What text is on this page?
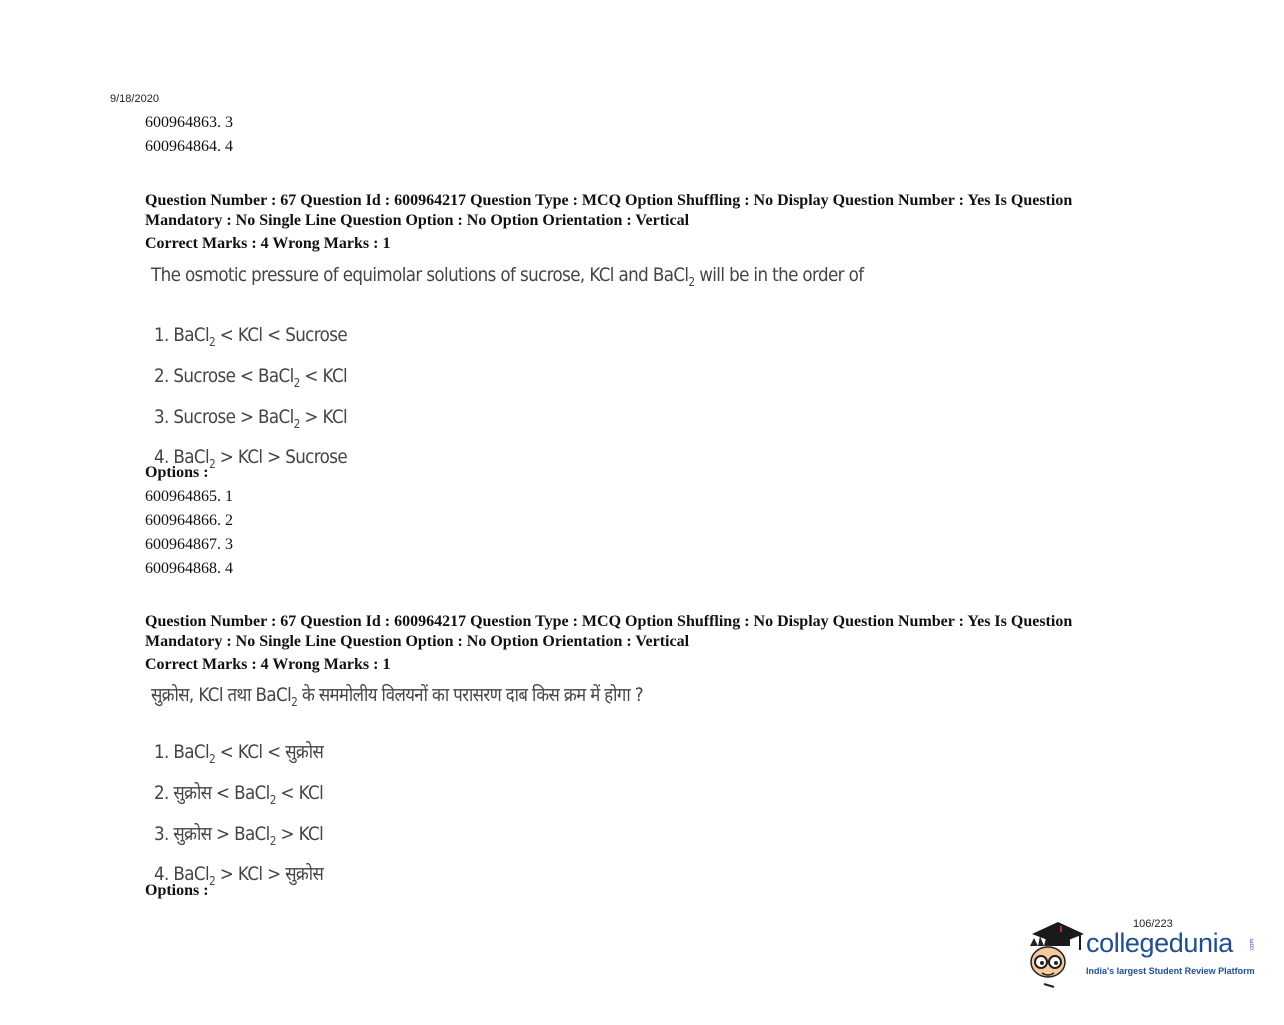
9/18/2020
600964863. 3
600964864. 4
Question Number : 67 Question Id : 600964217 Question Type : MCQ Option Shuffling : No Display Question Number : Yes Is Question
Mandatory : No Single Line Question Option : No Option Orientation : Vertical
Correct Marks : 4 Wrong Marks : 1
The osmotic pressure of equimolar solutions of sucrose, KCl and BaCl$_2$ will be in the order of
1. BaCl$_2$ < KCl < Sucrose
2. Sucrose < BaCl$_2$ < KCl
3. Sucrose > BaCl$_2$ > KCl
4. BaCl$_2$ > KCl > Sucrose
Options :
600964865. 1
600964866. 2
600964867. 3
600964868. 4
Question Number : 67 Question Id : 600964217 Question Type : MCQ Option Shuffling : No Display Question Number : Yes Is Question
Mandatory : No Single Line Question Option : No Option Orientation : Vertical
Correct Marks : 4 Wrong Marks : 1
सुक्रोस, KCl तथा BaCl$_2$ के सममोलीय विलयनों का परासरण दाब किस क्रम में होगा ?
1. BaCl$_2$ < KCl < सुक्रोस
2. सुक्रोस < BaCl$_2$ < KCl
3. सुक्रोस > BaCl$_2$ > KCl
4. BaCl$_2$ > KCl > सुक्रोस
Options :
106/223
collegedunia	.com
India's largest Student Review Platform
